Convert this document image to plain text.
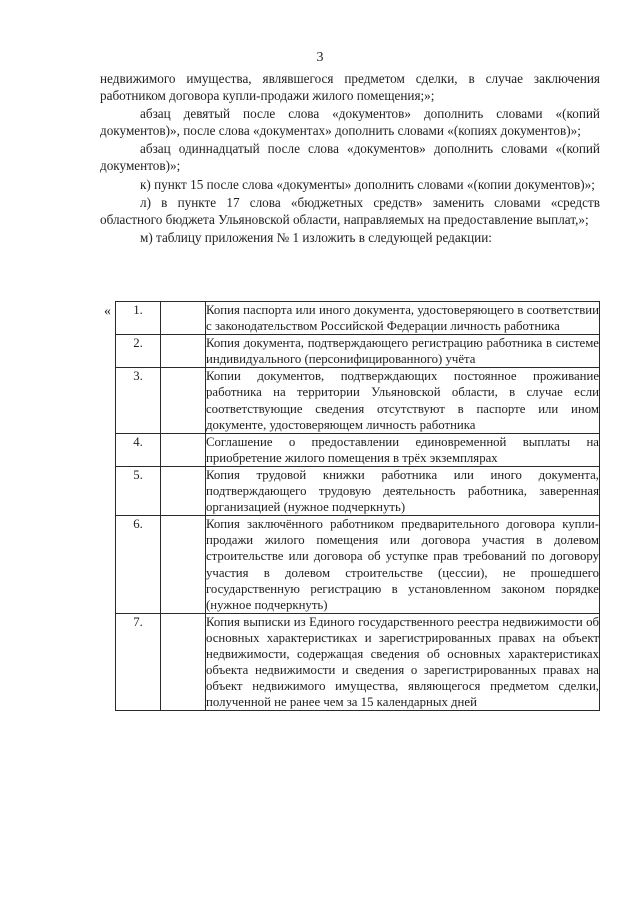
3

недвижимого имущества, являвшегося предметом сделки, в случае заключения работником договора купли-продажи жилого помещения;»;

абзац девятый после слова «документов» дополнить словами «(копий документов)», после слова «документах» дополнить словами «(копиях документов)»;

абзац одиннадцатый после слова «документов» дополнить словами «(копий документов)»;

к) пункт 15 после слова «документы» дополнить словами «(копии документов)»;

л) в пункте 17 слова «бюджетных средств» заменить словами «средств областного бюджета Ульяновской области, направляемых на предоставление выплат,»;

м) таблицу приложения № 1 изложить в следующей редакции:

« 1.		Копия паспорта или иного документа, удостоверяющего в соответствии с законодательством Российской Федерации личность работника
2.		Копия документа, подтверждающего регистрацию работника в системе индивидуального (персонифицированного) учёта
3.		Копии документов, подтверждающих постоянное проживание работника на территории Ульяновской области, в случае если соответствующие сведения отсутствуют в паспорте или ином документе, удостоверяющем личность работника
4.		Соглашение о предоставлении единовременной выплаты на приобретение жилого помещения в трёх экземплярах
5.		Копия трудовой книжки работника или иного документа, подтверждающего трудовую деятельность работника, заверенная организацией (нужное подчеркнуть)
6.		Копия заключённого работником предварительного договора купли-продажи жилого помещения или договора участия в долевом строительстве или договора об уступке прав требований по договору участия в долевом строительстве (цессии), не прошедшего государственную регистрацию в установленном законом порядке (нужное подчеркнуть)
7.		Копия выписки из Единого государственного реестра недвижимости об основных характеристиках и зарегистрированных правах на объект недвижимости, содержащая сведения об основных характеристиках объекта недвижимости и сведения о зарегистрированных правах на объект недвижимого имущества, являющегося предметом сделки, полученной не ранее чем за 15 календарных дней
